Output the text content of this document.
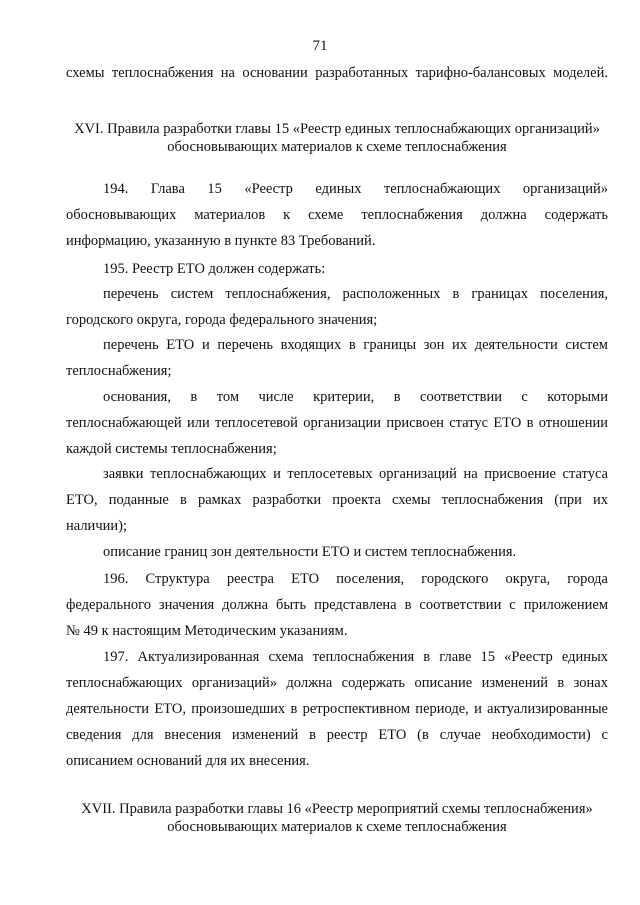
71
схемы теплоснабжения на основании разработанных тарифно-балансовых моделей.
XVI. Правила разработки главы 15 «Реестр единых теплоснабжающих организаций»
обосновывающих материалов к схеме теплоснабжения
194. Глава 15 «Реестр единых теплоснабжающих организаций»
обосновывающих материалов к схеме теплоснабжения должна содержать
информацию, указанную в пункте 83 Требований.
195. Реестр ЕТО должен содержать:
перечень систем теплоснабжения, расположенных в границах поселения,
городского округа, города федерального значения;
перечень ЕТО и перечень входящих в границы зон их деятельности систем
теплоснабжения;
основания, в том числе критерии, в соответствии с которыми
теплоснабжающей или теплосетевой организации присвоен статус ЕТО в отношении
каждой системы теплоснабжения;
заявки теплоснабжающих и теплосетевых организаций на присвоение статуса
ЕТО, поданные в рамках разработки проекта схемы теплоснабжения (при их
наличии);
описание границ зон деятельности ЕТО и систем теплоснабжения.
196. Структура реестра ЕТО поселения, городского округа, города
федерального значения должна быть представлена в соответствии с приложением
№ 49 к настоящим Методическим указаниям.
197. Актуализированная схема теплоснабжения в главе 15 «Реестр единых
теплоснабжающих организаций» должна содержать описание изменений в зонах
деятельности ЕТО, произошедших в ретроспективном периоде, и актуализированные
сведения для внесения изменений в реестр ЕТО (в случае необходимости) с
описанием оснований для их внесения.
XVII. Правила разработки главы 16 «Реестр мероприятий схемы теплоснабжения»
обосновывающих материалов к схеме теплоснабжения
